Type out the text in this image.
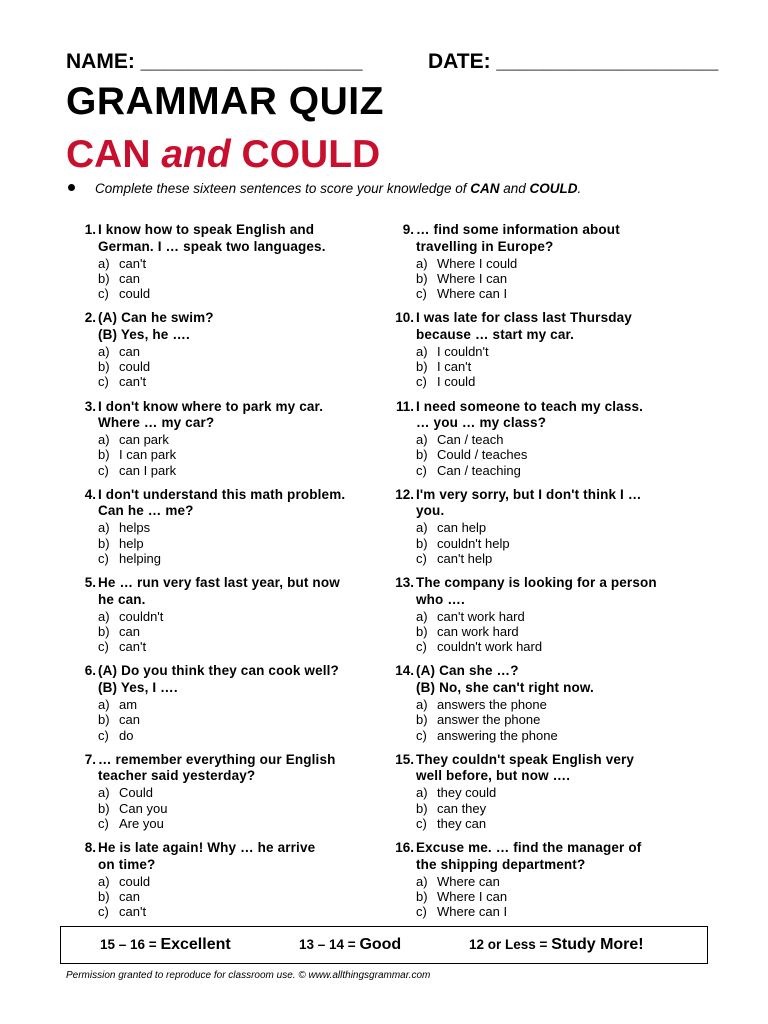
NAME: ___________________	DATE: ___________________
GRAMMAR QUIZ
CAN and COULD
Complete these sixteen sentences to score your knowledge of CAN and COULD.
1. I know how to speak English and
German. I … speak two languages.
a) can't
b) can
c) could
2. (A) Can he swim?
(B) Yes, he ….
a) can
b) could
c) can't
3. I don't know where to park my car.
Where … my car?
a) can park
b) I can park
c) can I park
4. I don't understand this math problem.
Can he … me?
a) helps
b) help
c) helping
5. He … run very fast last year, but now
he can.
a) couldn't
b) can
c) can't
6. (A) Do you think they can cook well?
(B) Yes, I ….
a) am
b) can
c) do
7. … remember everything our English
teacher said yesterday?
a) Could
b) Can you
c) Are you
8. He is late again! Why … he arrive
on time?
a) could
b) can
c) can't
9. … find some information about
travelling in Europe?
a) Where I could
b) Where I can
c) Where can I
10. I was late for class last Thursday
because … start my car.
a) I couldn't
b) I can't
c) I could
11. I need someone to teach my class.
… you … my class?
a) Can / teach
b) Could / teaches
c) Can / teaching
12. I'm very sorry, but I don't think I …
you.
a) can help
b) couldn't help
c) can't help
13. The company is looking for a person
who ….
a) can't work hard
b) can work hard
c) couldn't work hard
14. (A) Can she …?
(B) No, she can't right now.
a) answers the phone
b) answer the phone
c) answering the phone
15. They couldn't speak English very
well before, but now ….
a) they could
b) can they
c) they can
16. Excuse me. … find the manager of
the shipping department?
a) Where can
b) Where I can
c) Where can I
15 – 16 = Excellent	13 – 14 = Good	12 or Less = Study More!
Permission granted to reproduce for classroom use. © www.allthingsgrammar.com
